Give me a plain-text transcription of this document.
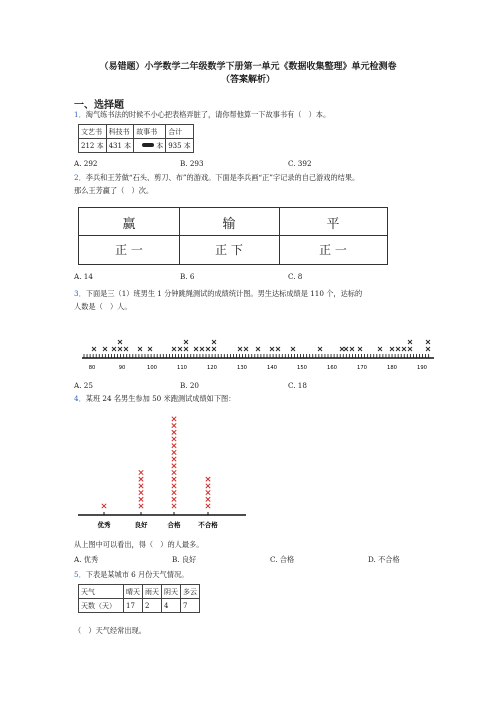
（易错题）小学数学二年级数学下册第一单元《数据收集整理》单元检测卷
（答案解析）
一、选择题
1．淘气练书法的时候不小心把表格弄脏了，请你帮他算一下故事书有（　）本。
文艺书	科技书	故事书	合计
212 本	431 本	本	935 本
A. 292	B. 293	C. 392
2．李兵和王芳做“石头、剪刀、布”的游戏。下面是李兵画“正”字记录的自己游戏的结果。
那么王芳赢了（　）次。
赢	输	平
正 一	正 下	正 一
A. 14	B. 6	C. 8
3．下面是三（1）班男生 1 分钟跳绳测试的成绩统计图。男生达标成绩是 110 个，达标的
人数是（　）人。
80	90	100	110	120	130	140	150	160	170	180	190
A. 25	B. 20	C. 18
4．某班 24 名男生参加 50 米跑测试成绩如下图：
优秀	良好	合格	不合格
从上图中可以看出，得（　）的人最多。
A. 优秀	B. 良好	C. 合格	D. 不合格
5．下表是某城市 6 月份天气情况。
天气	晴天	雨天	阴天	多云
天数（天）	17	2	4	7
（　）天气经常出现。
